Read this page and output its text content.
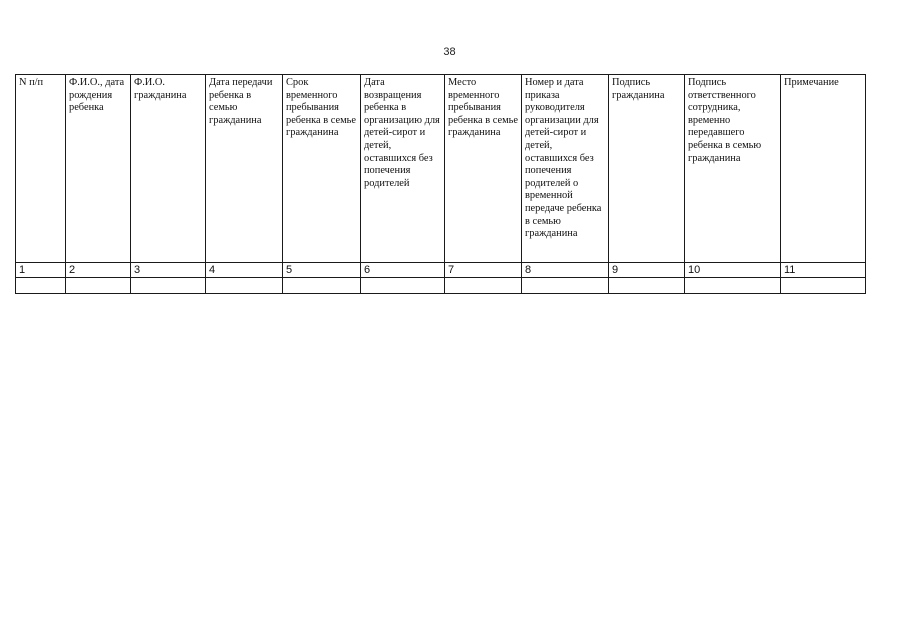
38
N п/п	Ф.И.О., дата рождения ребенка	Ф.И.О. гражданина	Дата передачи ребенка в семью гражданина	Срок временного пребывания ребенка в семье гражданина	Дата возвращения ребенка в организацию для детей-сирот и детей, оставшихся без попечения родителей	Место временного пребывания ребенка в семье гражданина	Номер и дата приказа руководителя организации для детей-сирот и детей, оставшихся без попечения родителей о временной передаче ребенка в семью гражданина	Подпись гражданина	Подпись ответственного сотрудника, временно передавшего ребенка в семью гражданина	Примечание
1	2	3	4	5	6	7	8	9	10	11
